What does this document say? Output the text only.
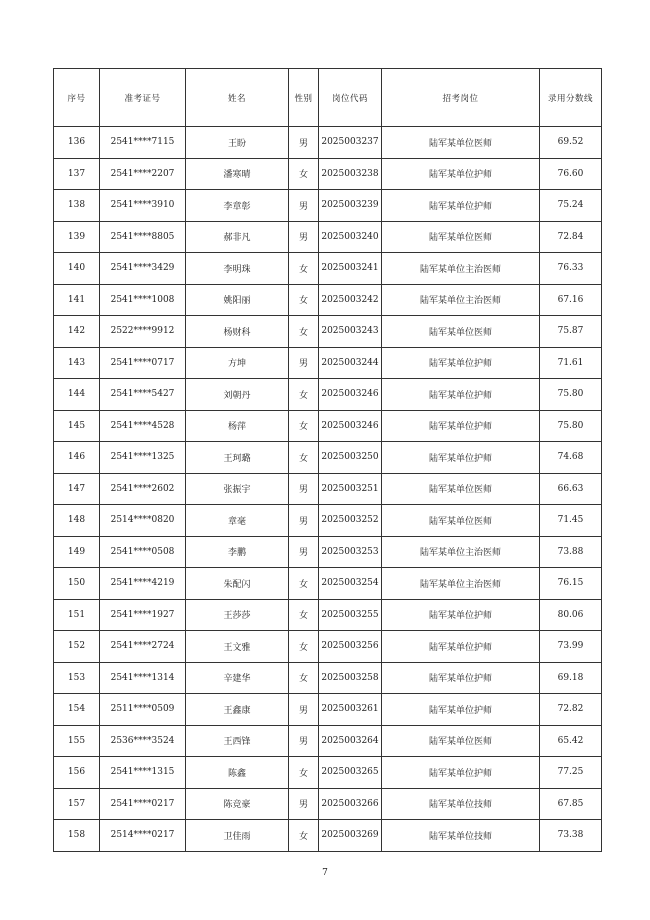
序号	准考证号	姓名	性别	岗位代码	招考岗位	录用分数线
136	2541****7115	王盼	男	2025003237	陆军某单位医师	69.52
137	2541****2207	潘寒晴	女	2025003238	陆军某单位护师	76.60
138	2541****3910	李章彰	男	2025003239	陆军某单位护师	75.24
139	2541****8805	郝非凡	男	2025003240	陆军某单位医师	72.84
140	2541****3429	李明珠	女	2025003241	陆军某单位主治医师	76.33
141	2541****1008	姚阳丽	女	2025003242	陆军某单位主治医师	67.16
142	2522****9912	杨财科	女	2025003243	陆军某单位医师	75.87
143	2541****0717	方坤	男	2025003244	陆军某单位护师	71.61
144	2541****5427	刘朝丹	女	2025003246	陆军某单位护师	75.80
145	2541****4528	杨萍	女	2025003246	陆军某单位护师	75.80
146	2541****1325	王珂璐	女	2025003250	陆军某单位护师	74.68
147	2541****2602	张振宇	男	2025003251	陆军某单位医师	66.63
148	2514****0820	章毫	男	2025003252	陆军某单位医师	71.45
149	2541****0508	李鹏	男	2025003253	陆军某单位主治医师	73.88
150	2541****4219	朱配闪	女	2025003254	陆军某单位主治医师	76.15
151	2541****1927	王莎莎	女	2025003255	陆军某单位护师	80.06
152	2541****2724	王文雅	女	2025003256	陆军某单位护师	73.99
153	2541****1314	辛建华	女	2025003258	陆军某单位护师	69.18
154	2511****0509	王鑫康	男	2025003261	陆军某单位护师	72.82
155	2536****3524	王西锋	男	2025003264	陆军某单位医师	65.42
156	2541****1315	陈鑫	女	2025003265	陆军某单位护师	77.25
157	2541****0217	陈竞豪	男	2025003266	陆军某单位技师	67.85
158	2514****0217	卫佳雨	女	2025003269	陆军某单位技师	73.38
7
